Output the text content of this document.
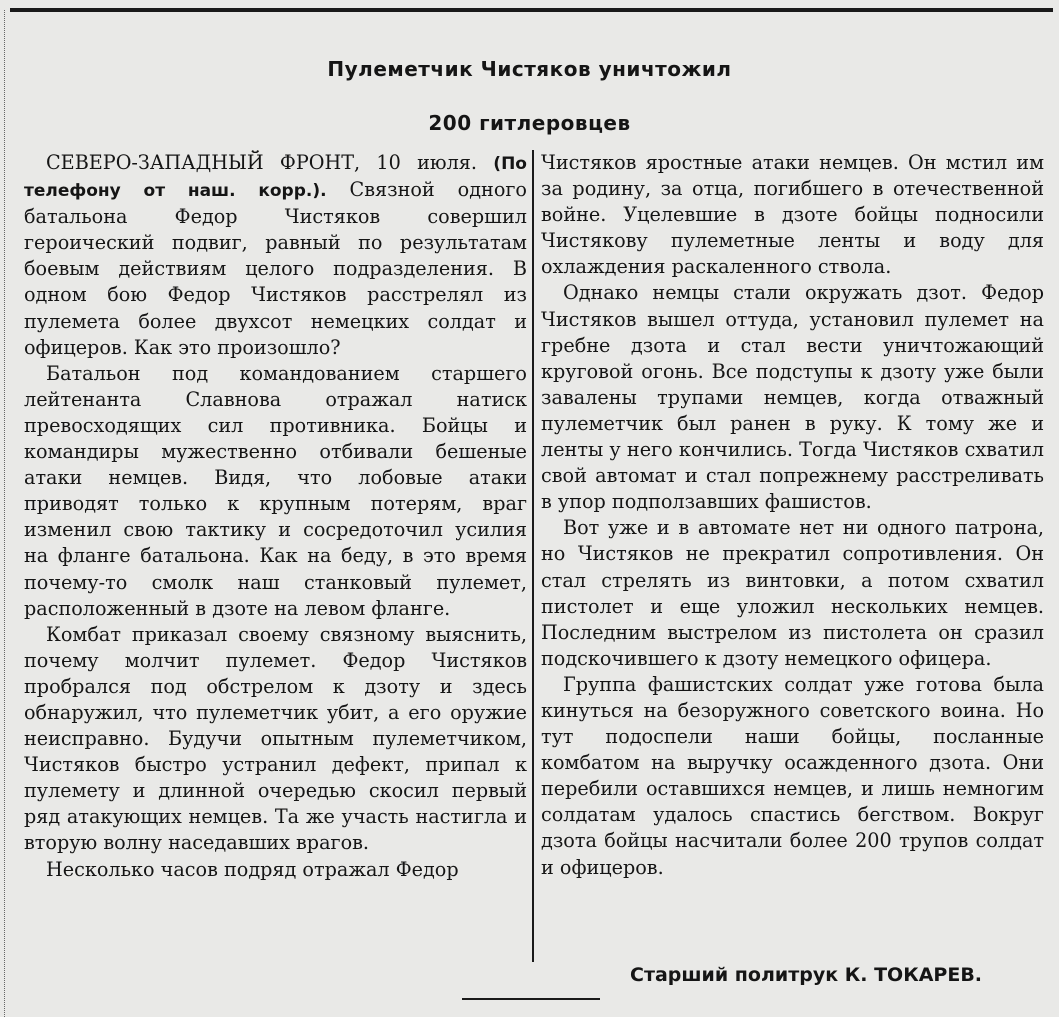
Пулеметчик Чистяков уничтожил
200 гитлеровцев

СЕВЕРО-ЗАПАДНЫЙ ФРОНТ, 10 июля. (По телефону от наш. корр.). Связной одного батальона Федор Чистяков совершил героический подвиг, равный по результатам боевым действиям целого подразделения. В одном бою Федор Чистяков расстрелял из пулемета более двухсот немецких солдат и офицеров. Как это произошло?

Батальон под командованием старшего лейтенанта Славнова отражал натиск превосходящих сил противника. Бойцы и командиры мужественно отбивали бешеные атаки немцев. Видя, что лобовые атаки приводят только к крупным потерям, враг изменил свою тактику и сосредоточил усилия на фланге батальона. Как на беду, в это время почему-то смолк наш станковый пулемет, расположенный в дзоте на левом фланге.

Комбат приказал своему связному выяснить, почему молчит пулемет. Федор Чистяков пробрался под обстрелом к дзоту и здесь обнаружил, что пулеметчик убит, а его оружие неисправно. Будучи опытным пулеметчиком, Чистяков быстро устранил дефект, припал к пулемету и длинной очередью скосил первый ряд атакующих немцев. Та же участь настигла и вторую волну наседавших врагов.

Несколько часов подряд отражал Федор

Чистяков яростные атаки немцев. Он мстил им за родину, за отца, погибшего в отечественной войне. Уцелевшие в дзоте бойцы подносили Чистякову пулеметные ленты и воду для охлаждения раскаленного ствола.

Однако немцы стали окружать дзот. Федор Чистяков вышел оттуда, установил пулемет на гребне дзота и стал вести уничтожающий круговой огонь. Все подступы к дзоту уже были завалены трупами немцев, когда отважный пулеметчик был ранен в руку. К тому же и ленты у него кончились. Тогда Чистяков схватил свой автомат и стал попрежнему расстреливать в упор подползавших фашистов.

Вот уже и в автомате нет ни одного патрона, но Чистяков не прекратил сопротивления. Он стал стрелять из винтовки, а потом схватил пистолет и еще уложил нескольких немцев. Последним выстрелом из пистолета он сразил подскочившего к дзоту немецкого офицера.

Группа фашистских солдат уже готова была кинуться на безоружного советского воина. Но тут подоспели наши бойцы, посланные комбатом на выручку осажденного дзота. Они перебили оставшихся немцев, и лишь немногим солдатам удалось спастись бегством. Вокруг дзота бойцы насчитали более 200 трупов солдат и офицеров.

Старший политрук К. ТОКАРЕВ.
